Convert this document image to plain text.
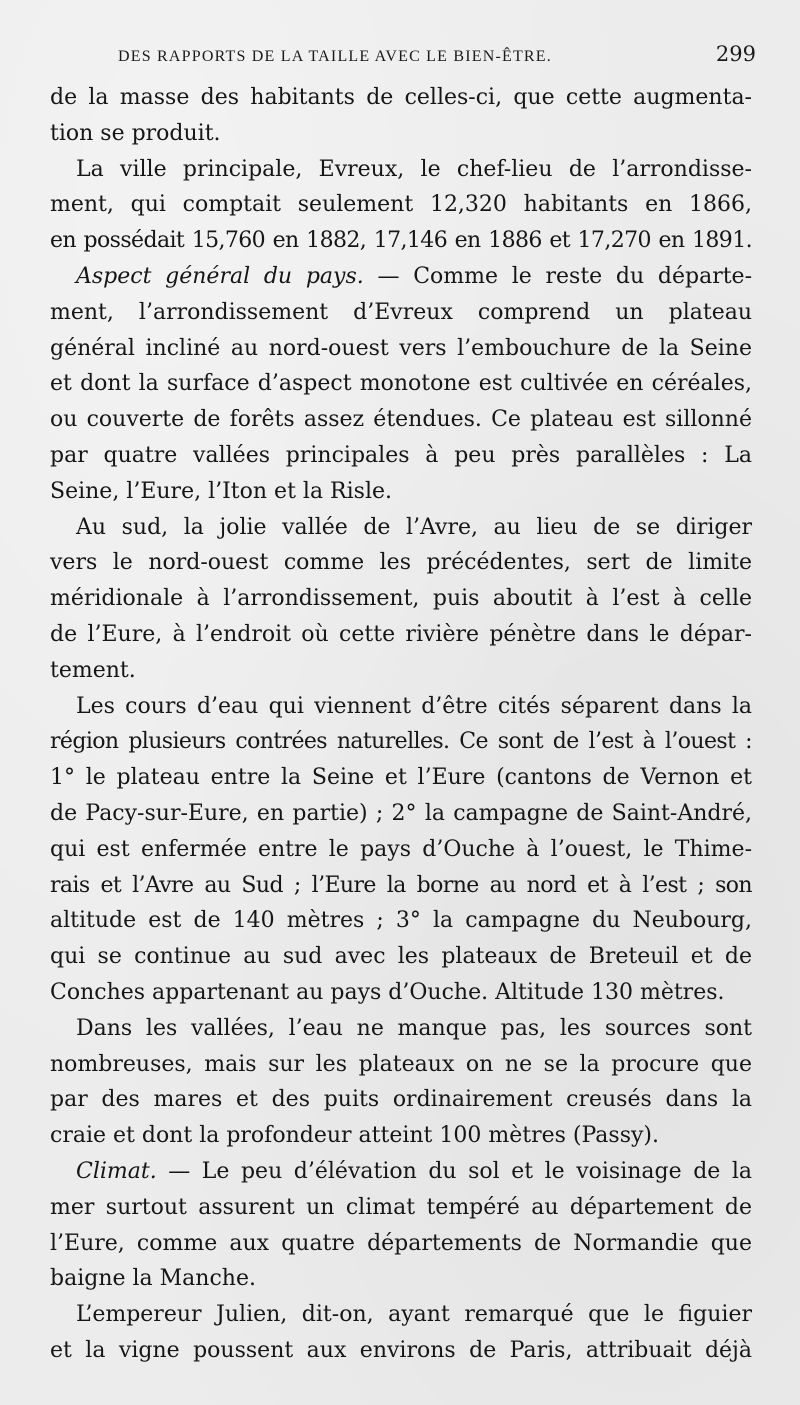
DES RAPPORTS DE LA TAILLE AVEC LE BIEN-ÊTRE.	299
de la masse des habitants de celles-ci, que cette augmenta-
tion se produit.
La ville principale, Evreux, le chef-lieu de l’arrondisse-
ment, qui comptait seulement 12,320 habitants en 1866,
en possédait 15,760 en 1882, 17,146 en 1886 et 17,270 en 1891.
Aspect général du pays. — Comme le reste du départe-
ment, l’arrondissement d’Evreux comprend un plateau
général incliné au nord-ouest vers l’embouchure de la Seine
et dont la surface d’aspect monotone est cultivée en céréales,
ou couverte de forêts assez étendues. Ce plateau est sillonné
par quatre vallées principales à peu près parallèles : La
Seine, l’Eure, l’Iton et la Risle.
Au sud, la jolie vallée de l’Avre, au lieu de se diriger
vers le nord-ouest comme les précédentes, sert de limite
méridionale à l’arrondissement, puis aboutit à l’est à celle
de l’Eure, à l’endroit où cette rivière pénètre dans le dépar-
tement.
Les cours d’eau qui viennent d’être cités séparent dans la
région plusieurs contrées naturelles. Ce sont de l’est à l’ouest :
1° le plateau entre la Seine et l’Eure (cantons de Vernon et
de Pacy-sur-Eure, en partie) ; 2° la campagne de Saint-André,
qui est enfermée entre le pays d’Ouche à l’ouest, le Thime-
rais et l’Avre au Sud ; l’Eure la borne au nord et à l’est ; son
altitude est de 140 mètres ; 3° la campagne du Neubourg,
qui se continue au sud avec les plateaux de Breteuil et de
Conches appartenant au pays d’Ouche. Altitude 130 mètres.
Dans les vallées, l’eau ne manque pas, les sources sont
nombreuses, mais sur les plateaux on ne se la procure que
par des mares et des puits ordinairement creusés dans la
craie et dont la profondeur atteint 100 mètres (Passy).
Climat. — Le peu d’élévation du sol et le voisinage de la
mer surtout assurent un climat tempéré au département de
l’Eure, comme aux quatre départements de Normandie que
baigne la Manche.
L’empereur Julien, dit-on, ayant remarqué que le figuier
et la vigne poussent aux environs de Paris, attribuait déjà
